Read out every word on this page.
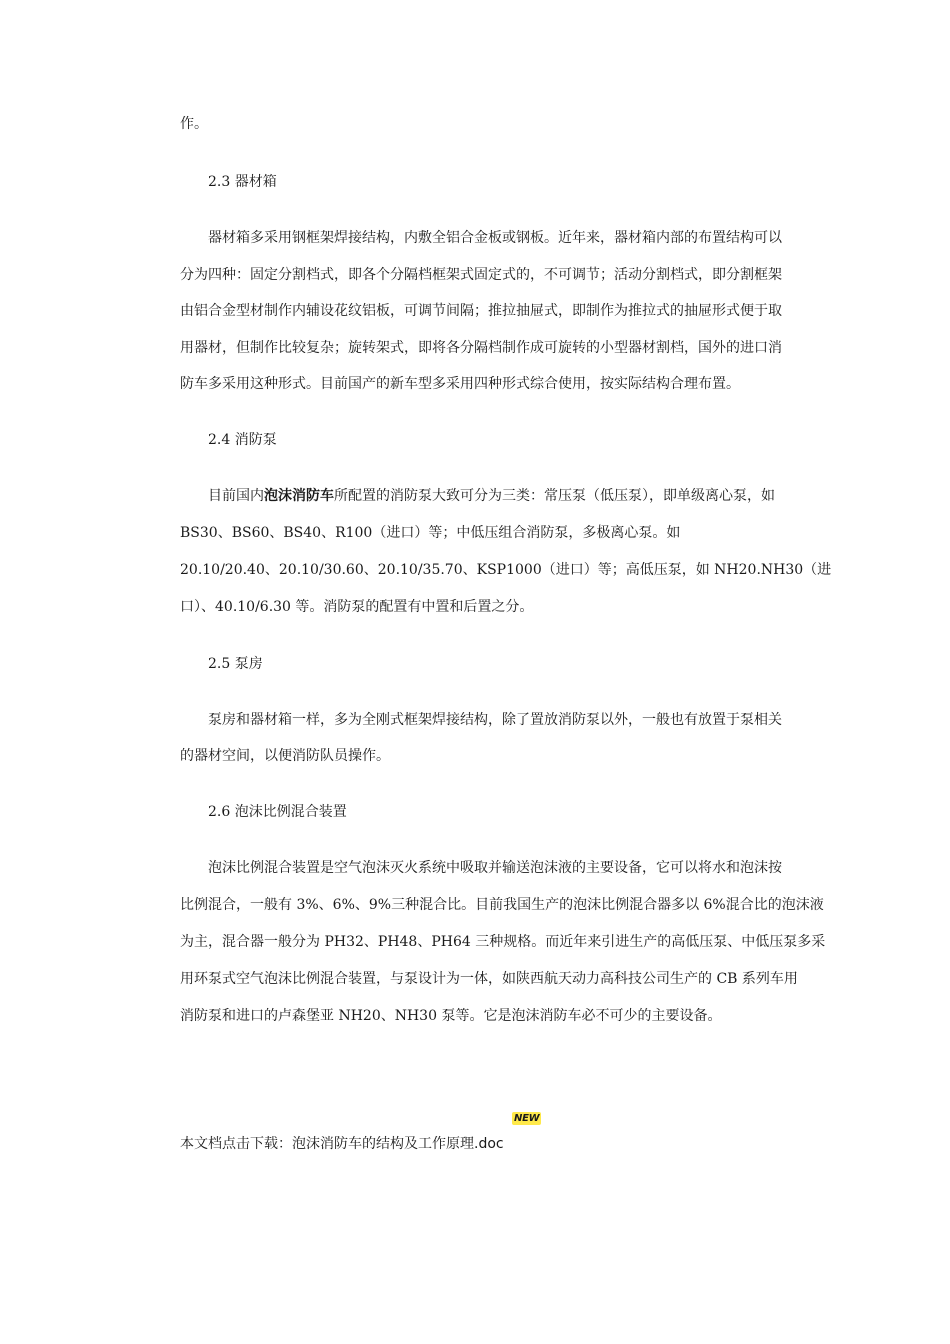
作。
2.3 器材箱
器材箱多采用钢框架焊接结构，内敷全铝合金板或钢板。近年来，器材箱内部的布置结构可以
分为四种：固定分割档式，即各个分隔档框架式固定式的，不可调节；活动分割档式，即分割框架
由铝合金型材制作内辅设花纹铝板，可调节间隔；推拉抽屉式，即制作为推拉式的抽屉形式便于取
用器材，但制作比较复杂；旋转架式，即将各分隔档制作成可旋转的小型器材割档，国外的进口消
防车多采用这种形式。目前国产的新车型多采用四种形式综合使用，按实际结构合理布置。
2.4 消防泵
目前国内泡沫消防车所配置的消防泵大致可分为三类：常压泵（低压泵），即单级离心泵，如
BS30、BS60、BS40、R100（进口）等；中低压组合消防泵，多极离心泵。如
20.10/20.40、20.10/30.60、20.10/35.70、KSP1000（进口）等；高低压泵，如 NH20.NH30（进
口）、40.10/6.30 等。消防泵的配置有中置和后置之分。
2.5 泵房
泵房和器材箱一样，多为全刚式框架焊接结构，除了置放消防泵以外，一般也有放置于泵相关
的器材空间，以便消防队员操作。
2.6 泡沫比例混合装置
泡沫比例混合装置是空气泡沫灭火系统中吸取并输送泡沫液的主要设备，它可以将水和泡沫按
比例混合，一般有 3%、6%、9%三种混合比。目前我国生产的泡沫比例混合器多以 6%混合比的泡沫液
为主，混合器一般分为 PH32、PH48、PH64 三种规格。而近年来引进生产的高低压泵、中低压泵多采
用环泵式空气泡沫比例混合装置，与泵设计为一体，如陕西航天动力高科技公司生产的 CB 系列车用
消防泵和进口的卢森堡亚 NH20、NH30 泵等。它是泡沫消防车必不可少的主要设备。
NEW
本文档点击下载：泡沫消防车的结构及工作原理.doc
